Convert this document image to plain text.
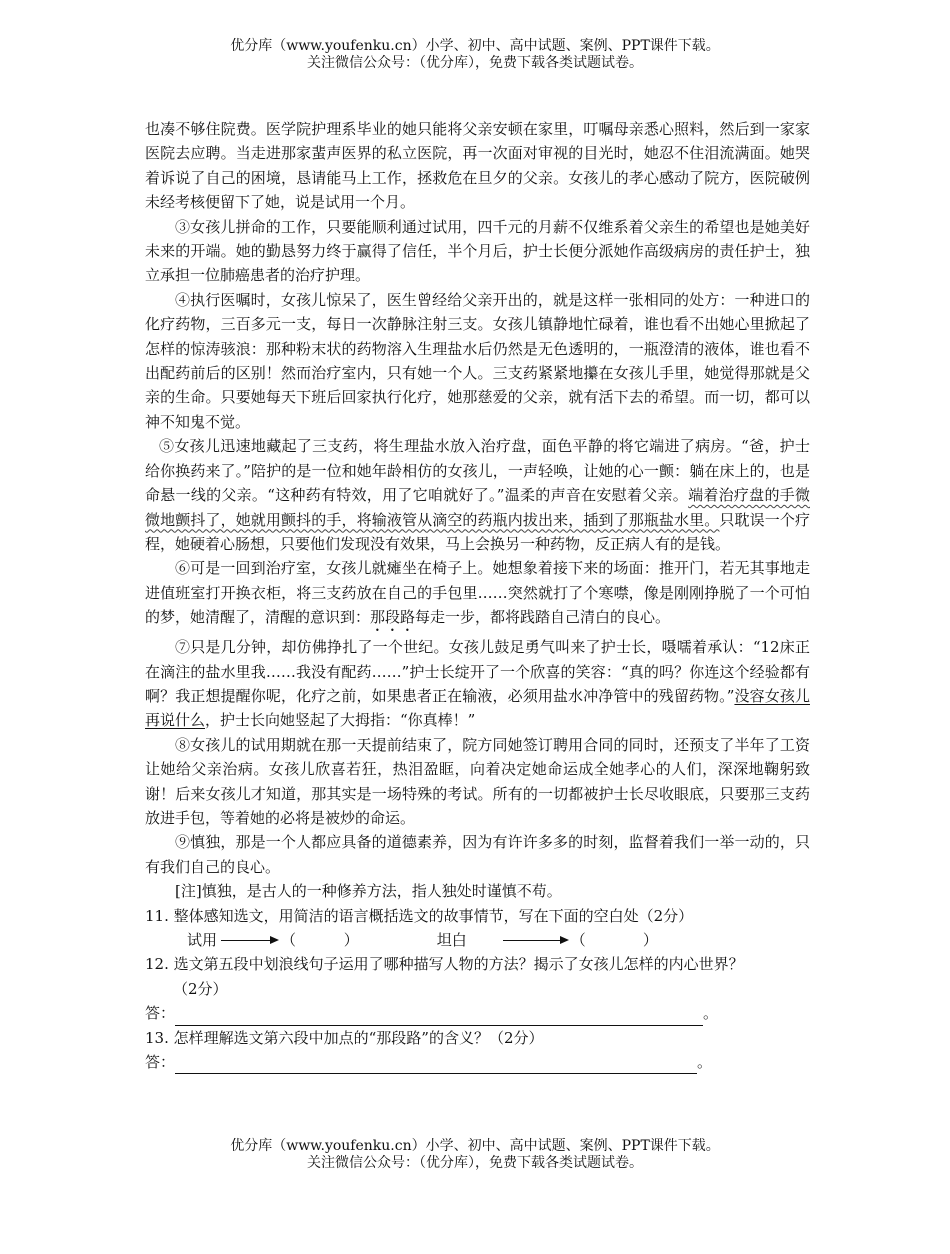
优分库（www.youfenku.cn）小学、初中、高中试题、案例、PPT课件下载。
关注微信公众号：（优分库），免费下载各类试题试卷。

也凑不够住院费。医学院护理系毕业的她只能将父亲安顿在家里，叮嘱母亲悉心照料，然后到一家家医院去应聘。当走进那家蜚声医界的私立医院，再一次面对审视的目光时，她忍不住泪流满面。她哭着诉说了自己的困境，恳请能马上工作，拯救危在旦夕的父亲。女孩儿的孝心感动了院方，医院破例未经考核便留下了她，说是试用一个月。

③女孩儿拼命的工作，只要能顺利通过试用，四千元的月薪不仅维系着父亲生的希望也是她美好未来的开端。她的勤恳努力终于赢得了信任，半个月后，护士长便分派她作高级病房的责任护士，独立承担一位肺癌患者的治疗护理。

④执行医嘱时，女孩儿惊呆了，医生曾经给父亲开出的，就是这样一张相同的处方：一种进口的化疗药物，三百多元一支，每日一次静脉注射三支。女孩儿镇静地忙碌着，谁也看不出她心里掀起了怎样的惊涛骇浪：那种粉末状的药物溶入生理盐水后仍然是无色透明的，一瓶澄清的液体，谁也看不出配药前后的区别！然而治疗室内，只有她一个人。三支药紧紧地攥在女孩儿手里，她觉得那就是父亲的生命。只要她每天下班后回家执行化疗，她那慈爱的父亲，就有活下去的希望。而一切，都可以神不知鬼不觉。

⑤女孩儿迅速地藏起了三支药，将生理盐水放入治疗盘，面色平静的将它端进了病房。“爸，护士给你换药来了。”陪护的是一位和她年龄相仿的女孩儿，一声轻唤，让她的心一颤：躺在床上的，也是命悬一线的父亲。“这种药有特效，用了它咱就好了。”温柔的声音在安慰着父亲。端着治疗盘的手微微地颤抖了，她就用颤抖的手，将输液管从滴空的药瓶内拔出来，插到了那瓶盐水里。只耽误一个疗程，她硬着心肠想，只要他们发现没有效果，马上会换另一种药物，反正病人有的是钱。

⑥可是一回到治疗室，女孩儿就瘫坐在椅子上。她想象着接下来的场面：推开门，若无其事地走进值班室打开换衣柜，将三支药放在自己的手包里……突然就打了个寒噤，像是刚刚挣脱了一个可怕的梦，她清醒了，清醒的意识到：那段路每走一步，都将践踏自己清白的良心。

⑦只是几分钟，却仿佛挣扎了一个世纪。女孩儿鼓足勇气叫来了护士长，嗫嚅着承认：“12床正在滴注的盐水里我……我没有配药……”护士长绽开了一个欣喜的笑容：“真的吗？你连这个经验都有啊？我正想提醒你呢，化疗之前，如果患者正在输液，必须用盐水冲净管中的残留药物。”没容女孩儿再说什么，护士长向她竖起了大拇指：“你真棒！”

⑧女孩儿的试用期就在那一天提前结束了，院方同她签订聘用合同的同时，还预支了半年了工资让她给父亲治病。女孩儿欣喜若狂，热泪盈眶，向着决定她命运成全她孝心的人们，深深地鞠躬致谢！后来女孩儿才知道，那其实是一场特殊的考试。所有的一切都被护士长尽收眼底，只要那三支药放进手包，等着她的必将是被炒的命运。

⑨慎独，那是一个人都应具备的道德素养，因为有许许多多的时刻，监督着我们一举一动的，只有我们自己的良心。

[注]慎独，是古人的一种修养方法，指人独处时谨慎不苟。

11. 整体感知选文，用简洁的语言概括选文的故事情节，写在下面的空白处（2分）

试用	（          ）	坦白	（            ）

12. 选文第五段中划浪线句子运用了哪种描写人物的方法？揭示了女孩儿怎样的内心世界？

（2分）

答：	。

13. 怎样理解选文第六段中加点的“那段路”的含义？（2分）

答：	。
优分库（www.youfenku.cn）小学、初中、高中试题、案例、PPT课件下载。
关注微信公众号：（优分库），免费下载各类试题试卷。
